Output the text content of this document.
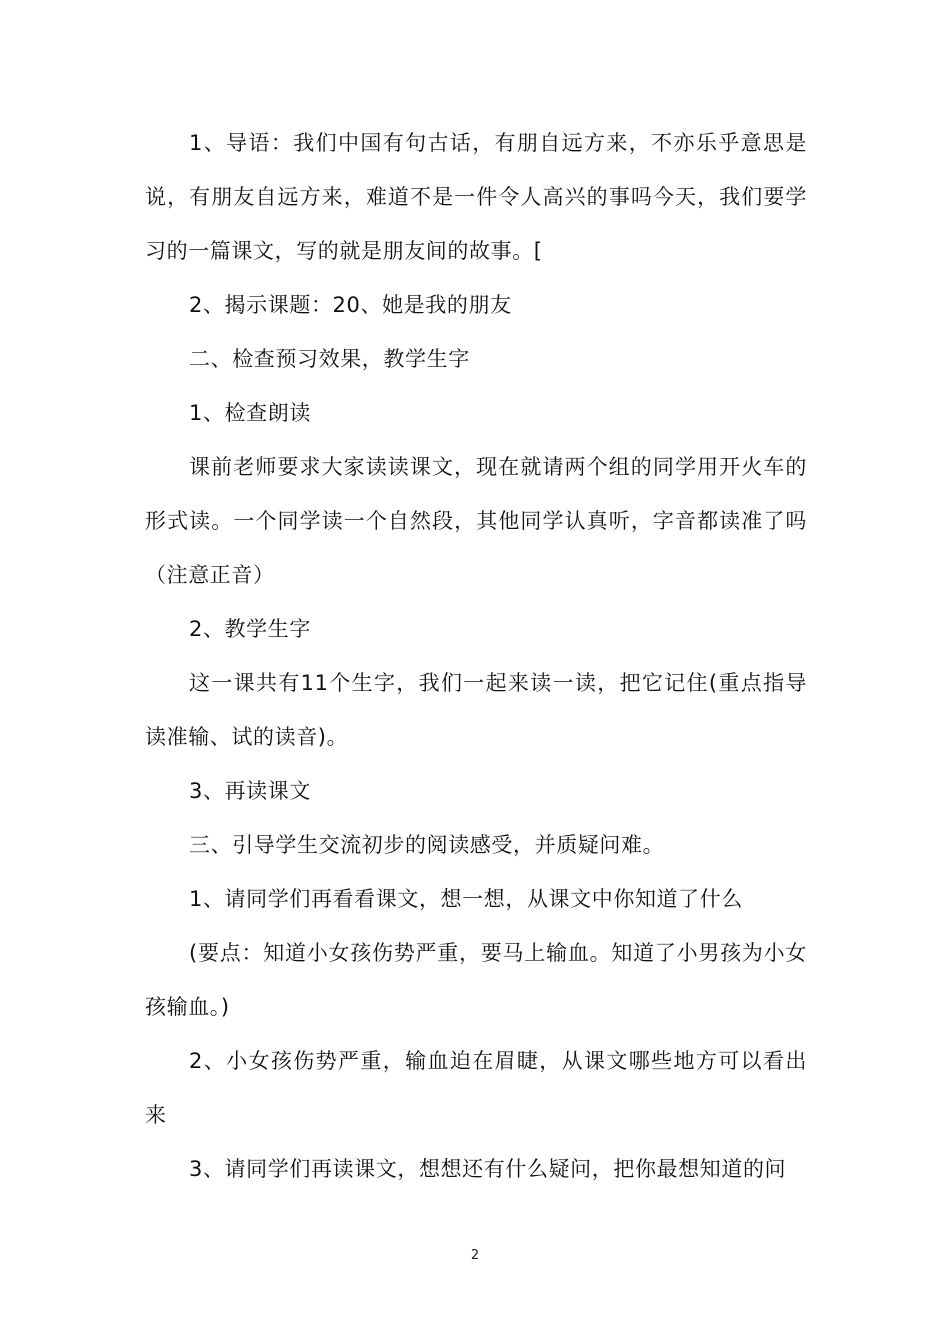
1、导语：我们中国有句古话，有朋自远方来，不亦乐乎意思是说，有朋友自远方来，难道不是一件令人高兴的事吗今天，我们要学习的一篇课文，写的就是朋友间的故事。[

2、揭示课题：20、她是我的朋友

二、检查预习效果，教学生字

1、检查朗读

课前老师要求大家读读课文，现在就请两个组的同学用开火车的形式读。一个同学读一个自然段，其他同学认真听，字音都读准了吗（注意正音）

2、教学生字

这一课共有11个生字，我们一起来读一读，把它记住(重点指导读准输、试的读音)。

3、再读课文

三、引导学生交流初步的阅读感受，并质疑问难。

1、请同学们再看看课文，想一想，从课文中你知道了什么

(要点：知道小女孩伤势严重，要马上输血。知道了小男孩为小女孩输血。)

2、小女孩伤势严重，输血迫在眉睫，从课文哪些地方可以看出来

3、请同学们再读课文，想想还有什么疑问，把你最想知道的问

2
